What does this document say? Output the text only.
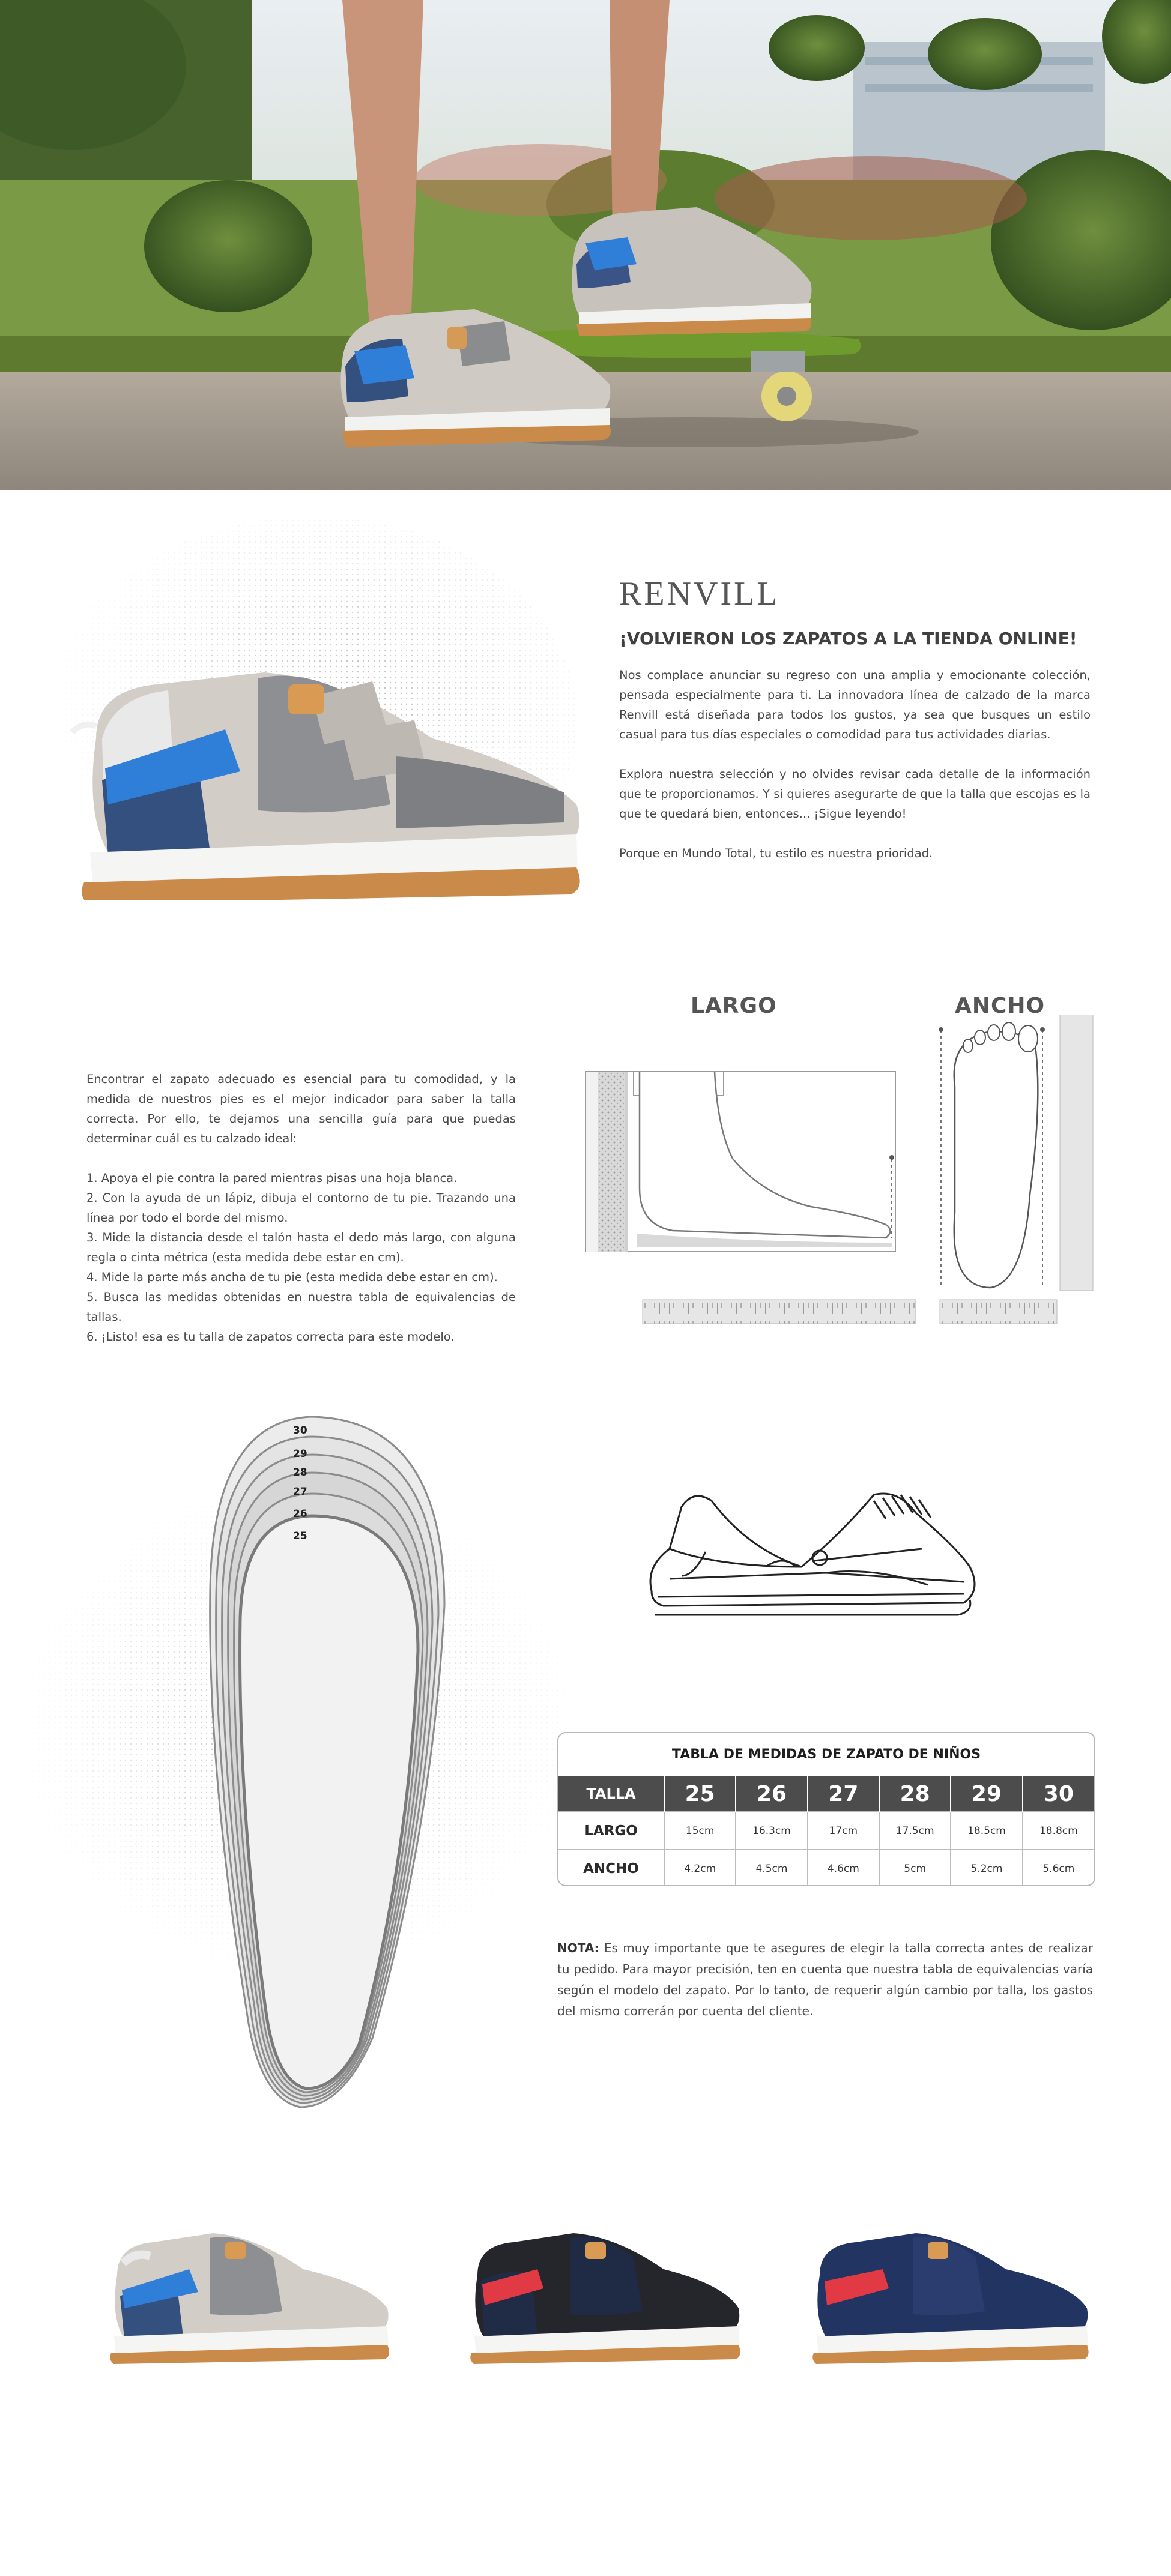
RENVILL
¡VOLVIERON LOS ZAPATOS A LA TIENDA ONLINE!

Nos complace anunciar su regreso con una amplia y emocionante colección, pensada especialmente para ti. La innovadora línea de calzado de la marca Renvill está diseñada para todos los gustos, ya sea que busques un estilo casual para tus días especiales o comodidad para tus actividades diarias.

Explora nuestra selección y no olvides revisar cada detalle de la información que te proporcionamos. Y si quieres asegurarte de que la talla que escojas es la que te quedará bien, entonces... ¡Sigue leyendo!

Porque en Mundo Total, tu estilo es nuestra prioridad.

Encontrar el zapato adecuado es esencial para tu comodidad, y la medida de nuestros pies es el mejor indicador para saber la talla correcta. Por ello, te dejamos una sencilla guía para que puedas determinar cuál es tu calzado ideal:

1. Apoya el pie contra la pared mientras pisas una hoja blanca.

2. Con la ayuda de un lápiz, dibuja el contorno de tu pie. Trazando una línea por todo el borde del mismo.

3. Mide la distancia desde el talón hasta el dedo más largo, con alguna regla o cinta métrica (esta medida debe estar en cm).

4. Mide la parte más ancha de tu pie (esta medida debe estar en cm).

5. Busca las medidas obtenidas en nuestra tabla de equivalencias de tallas.

6. ¡Listo! esa es tu talla de zapatos correcta para este modelo.

LARGO	ANCHO
30
29
28
27
26
25
TABLA DE MEDIDAS DE ZAPATO DE NIÑOS
TALLA	25	26	27	28	29	30
LARGO	15cm	16.3cm	17cm	17.5cm	18.5cm	18.8cm
ANCHO	4.2cm	4.5cm	4.6cm	5cm	5.2cm	5.6cm
NOTA: Es muy importante que te asegures de elegir la talla correcta antes de realizar tu pedido. Para mayor precisión, ten en cuenta que nuestra tabla de equivalencias varía según el modelo del zapato. Por lo tanto, de requerir algún cambio por talla, los gastos del mismo correrán por cuenta del cliente.
